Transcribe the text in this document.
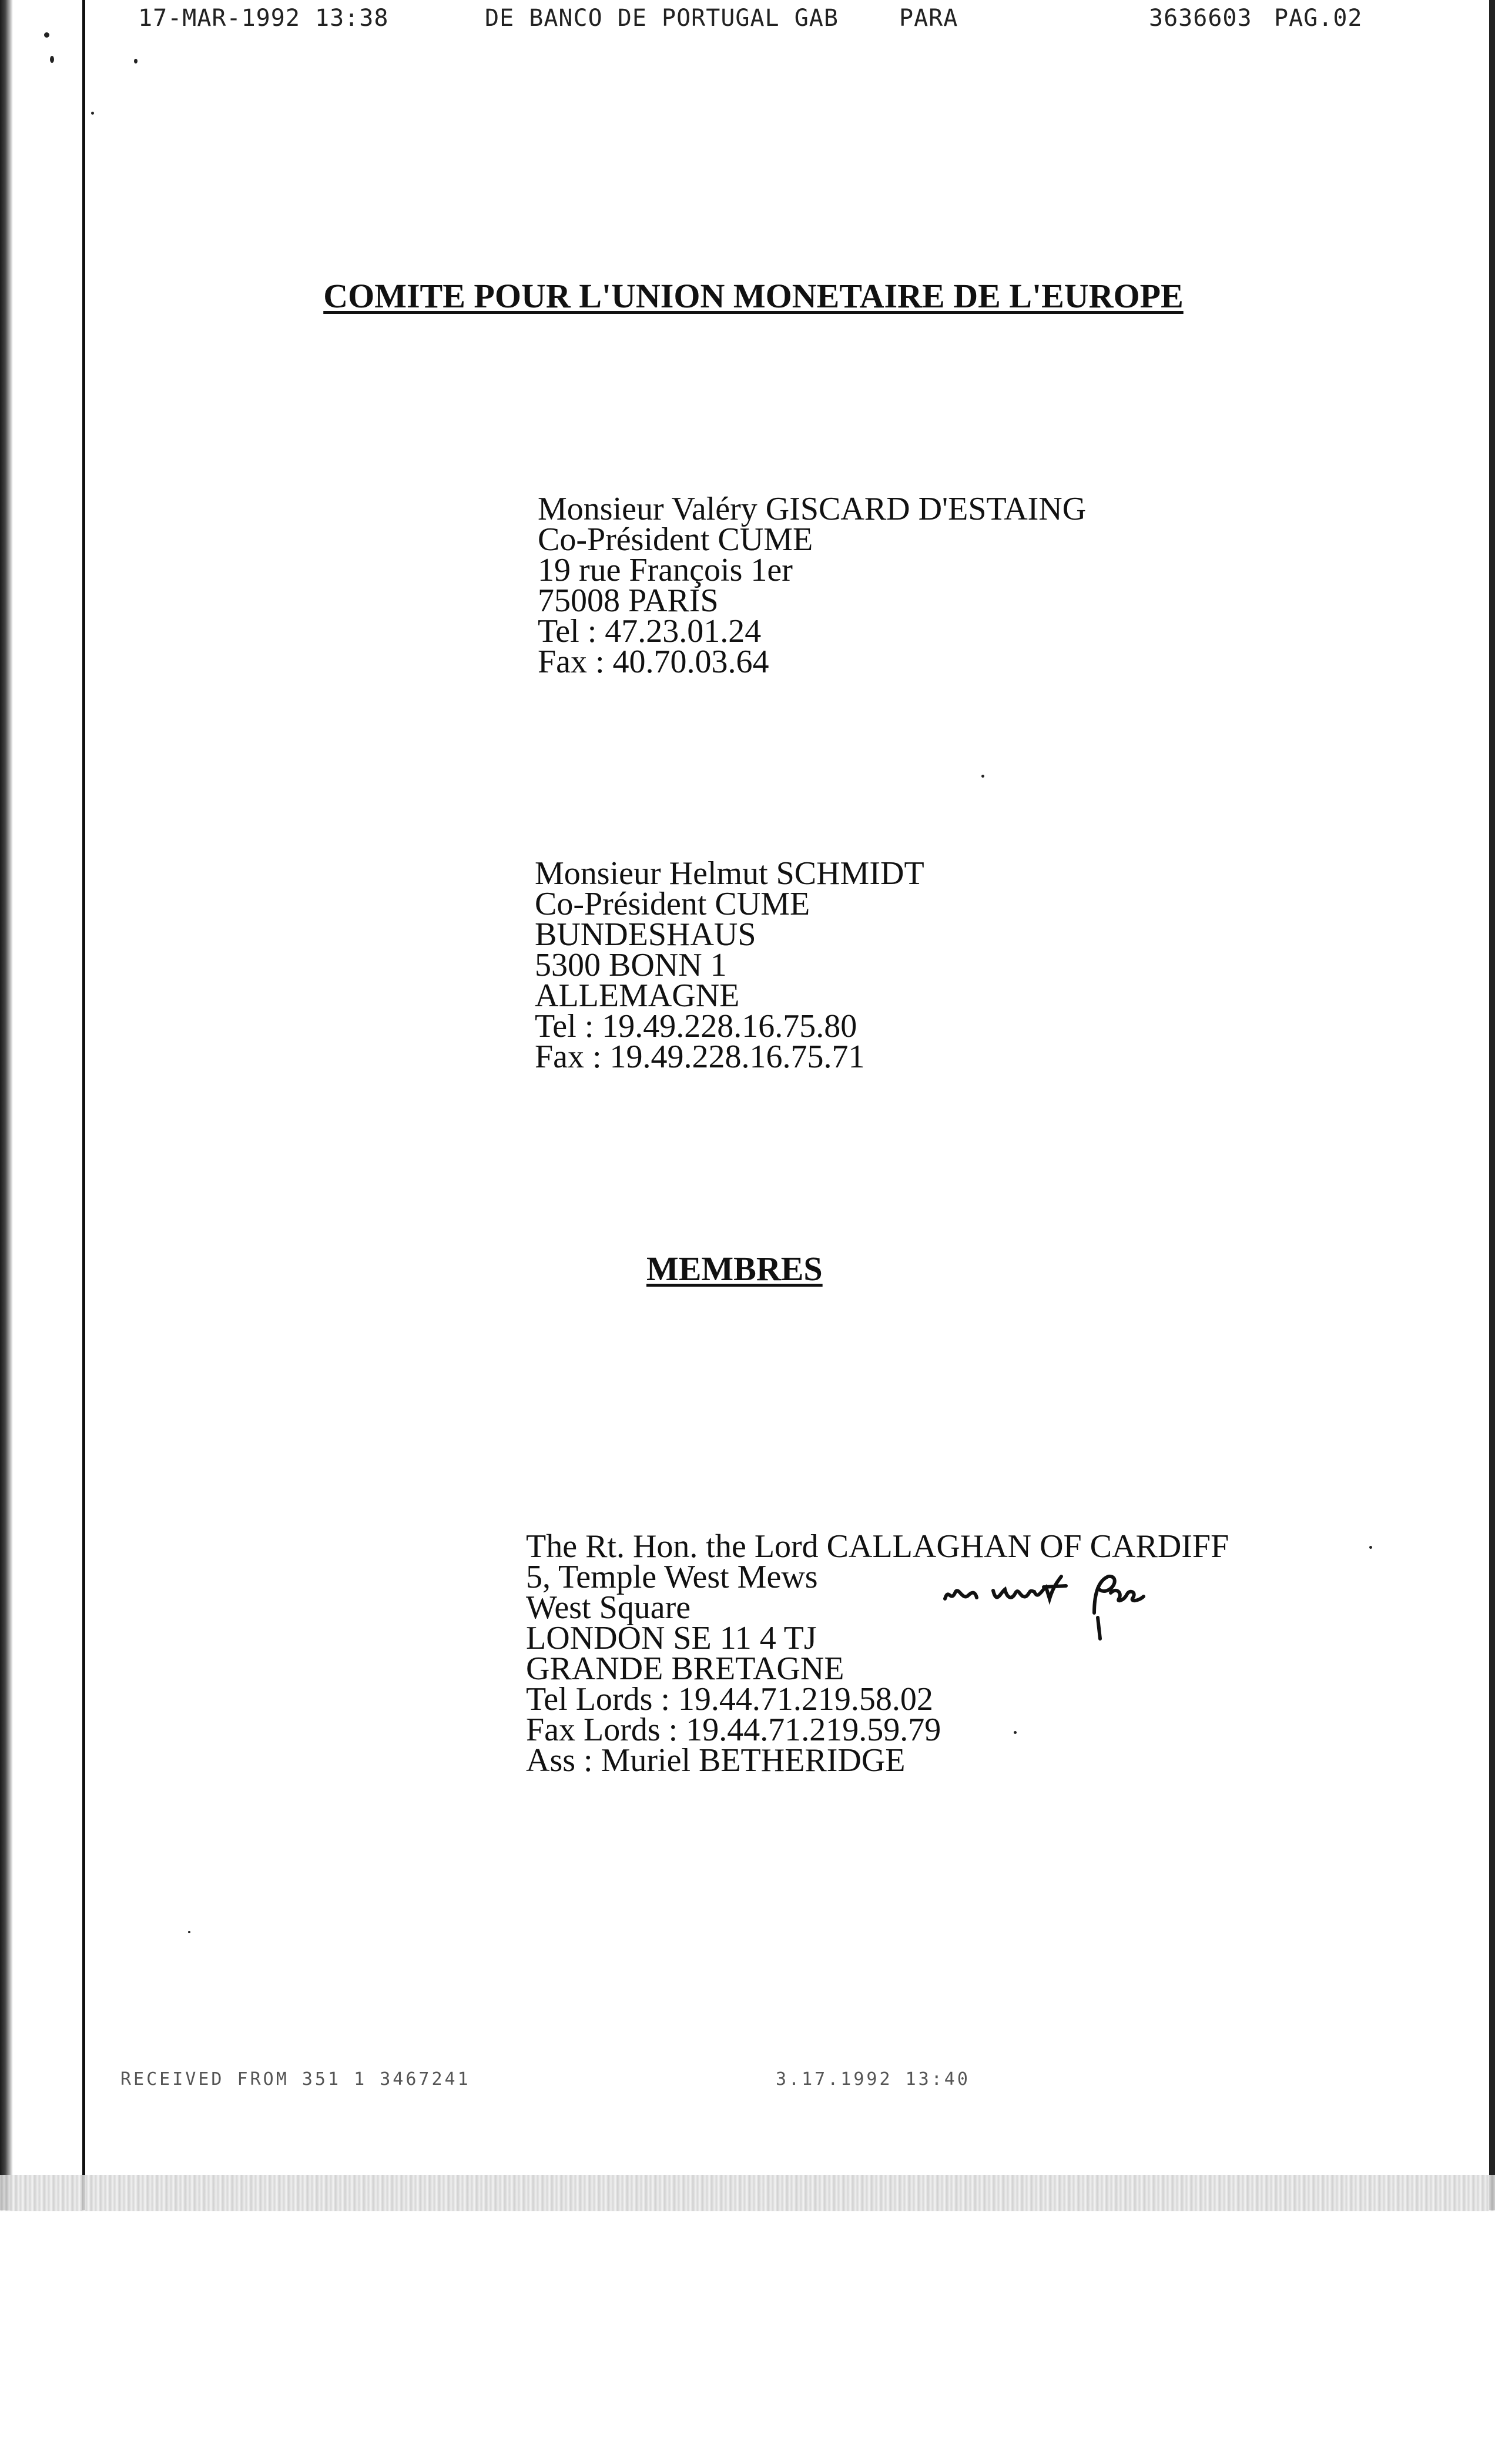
17-MAR-1992 13:38	DE BANCO DE PORTUGAL GAB	PARA	3636603 PAG.02
COMITE POUR L'UNION MONETAIRE DE L'EUROPE
Monsieur Valéry GISCARD D'ESTAING
Co-Président CUME
19 rue François 1er
75008 PARIS
Tel : 47.23.01.24
Fax : 40.70.03.64
Monsieur Helmut SCHMIDT
Co-Président CUME
BUNDESHAUS
5300 BONN 1
ALLEMAGNE
Tel : 19.49.228.16.75.80
Fax : 19.49.228.16.75.71
MEMBRES
The Rt. Hon. the Lord CALLAGHAN OF CARDIFF
5, Temple West Mews
West Square
LONDON SE 11 4 TJ
GRANDE BRETAGNE
Tel Lords : 19.44.71.219.58.02
Fax Lords : 19.44.71.219.59.79
Ass : Muriel BETHERIDGE
RECEIVED FROM 351 1 3467241	3.17.1992 13:40
